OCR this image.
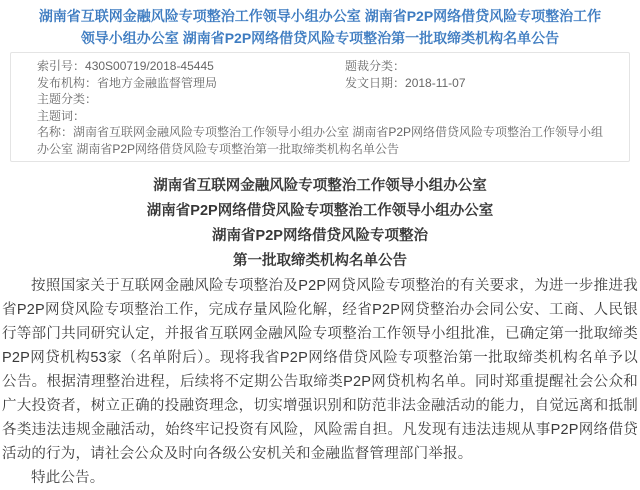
湖南省互联网金融风险专项整治工作领导小组办公室 湖南省P2P网络借贷风险专项整治工作领导小组办公室 湖南省P2P网络借贷风险专项整治第一批取缔类机构名单公告
索引号：430S00719/2018-45445	题裁分类：
发布机构：省地方金融监督管理局	发文日期：2018-11-07
主题分类：
主题词：
名称：湖南省互联网金融风险专项整治工作领导小组办公室 湖南省P2P网络借贷风险专项整治工作领导小组办公室 湖南省P2P网络借贷风险专项整治第一批取缔类机构名单公告
湖南省互联网金融风险专项整治工作领导小组办公室
湖南省P2P网络借贷风险专项整治工作领导小组办公室
湖南省P2P网络借贷风险专项整治
第一批取缔类机构名单公告

按照国家关于互联网金融风险专项整治及P2P网贷风险专项整治的有关要求，为进一步推进我省P2P网贷风险专项整治工作，完成存量风险化解，经省P2P网贷整治办会同公安、工商、人民银行等部门共同研究认定，并报省互联网金融风险专项整治工作领导小组批准，已确定第一批取缔类P2P网贷机构53家（名单附后）。现将我省P2P网络借贷风险专项整治第一批取缔类机构名单予以公告。根据清理整治进程，后续将不定期公告取缔类P2P网贷机构名单。同时郑重提醒社会公众和广大投资者，树立正确的投融资理念，切实增强识别和防范非法金融活动的能力，自觉远离和抵制各类违法违规金融活动，始终牢记投资有风险，风险需自担。凡发现有违法违规从事P2P网络借贷活动的行为，请社会公众及时向各级公安机关和金融监督管理部门举报。

特此公告。
